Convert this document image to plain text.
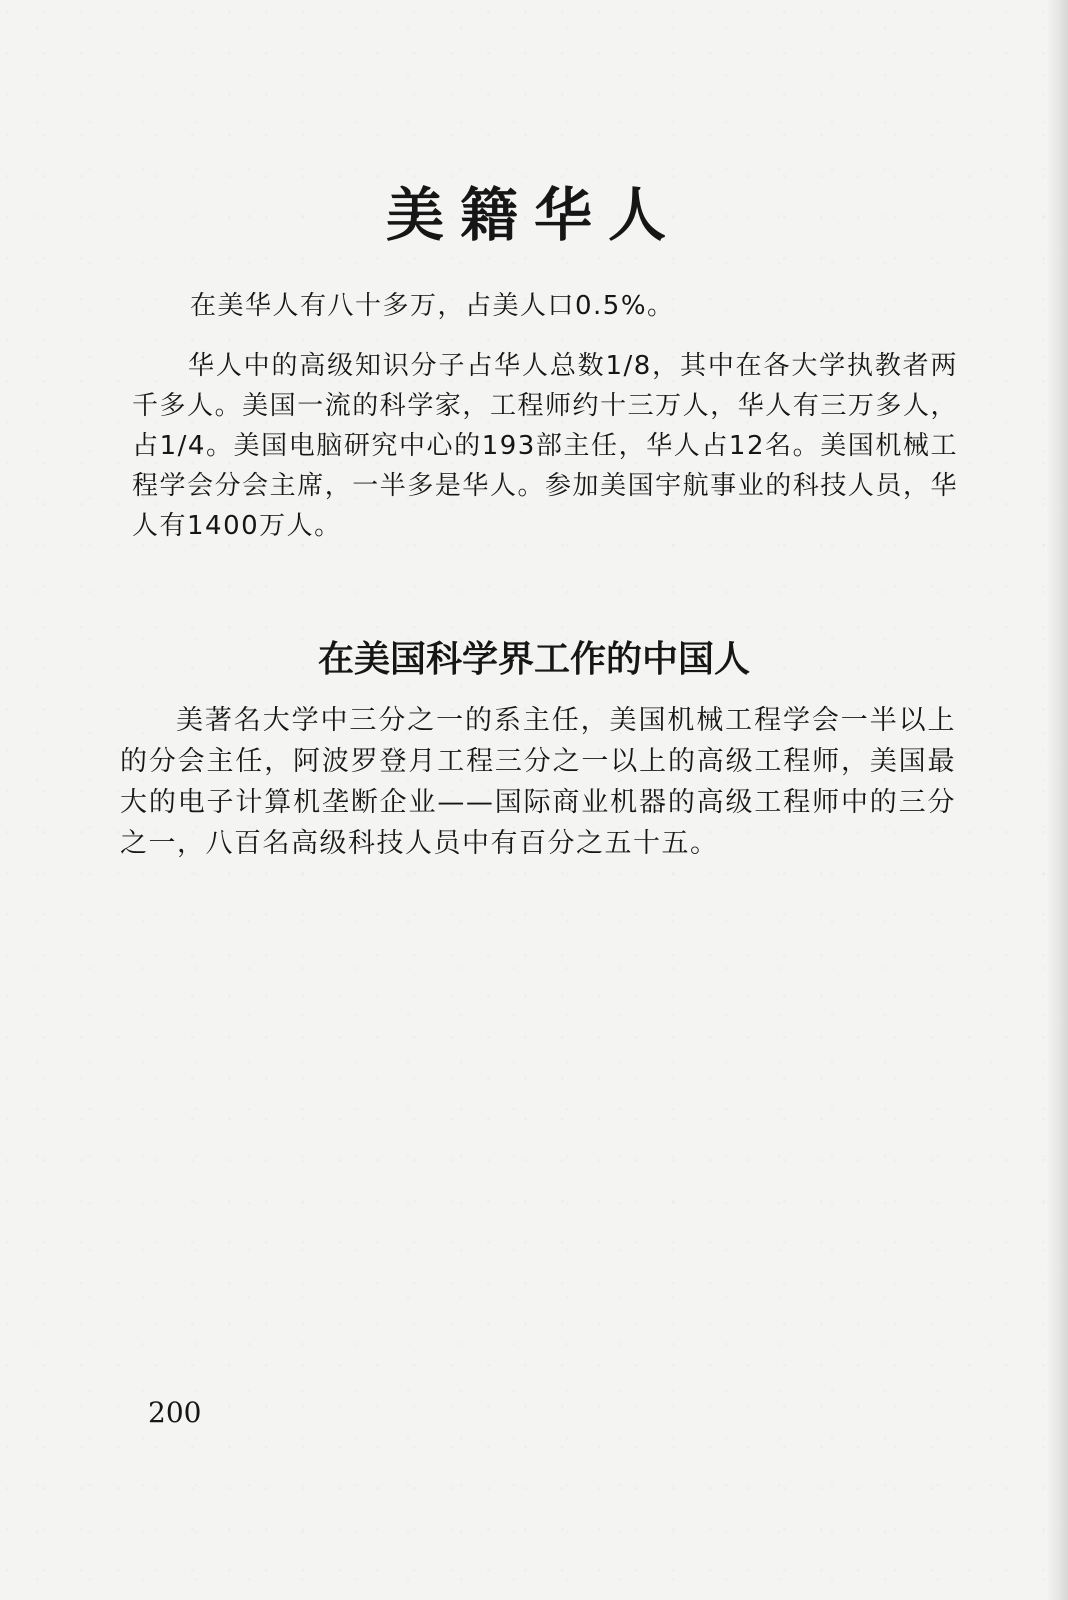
美籍华人

在美华人有八十多万，占美人口0.5%。

华人中的高级知识分子占华人总数1/8，其中在各大学执教者两千多人。美国一流的科学家，工程师约十三万人，华人有三万多人，占1/4。美国电脑研究中心的193部主任，华人占12名。美国机械工程学会分会主席，一半多是华人。参加美国宇航事业的科技人员，华人有1400万人。

在美国科学界工作的中国人

美著名大学中三分之一的系主任，美国机械工程学会一半以上的分会主任，阿波罗登月工程三分之一以上的高级工程师，美国最大的电子计算机垄断企业——国际商业机器的高级工程师中的三分之一，八百名高级科技人员中有百分之五十五。

200
